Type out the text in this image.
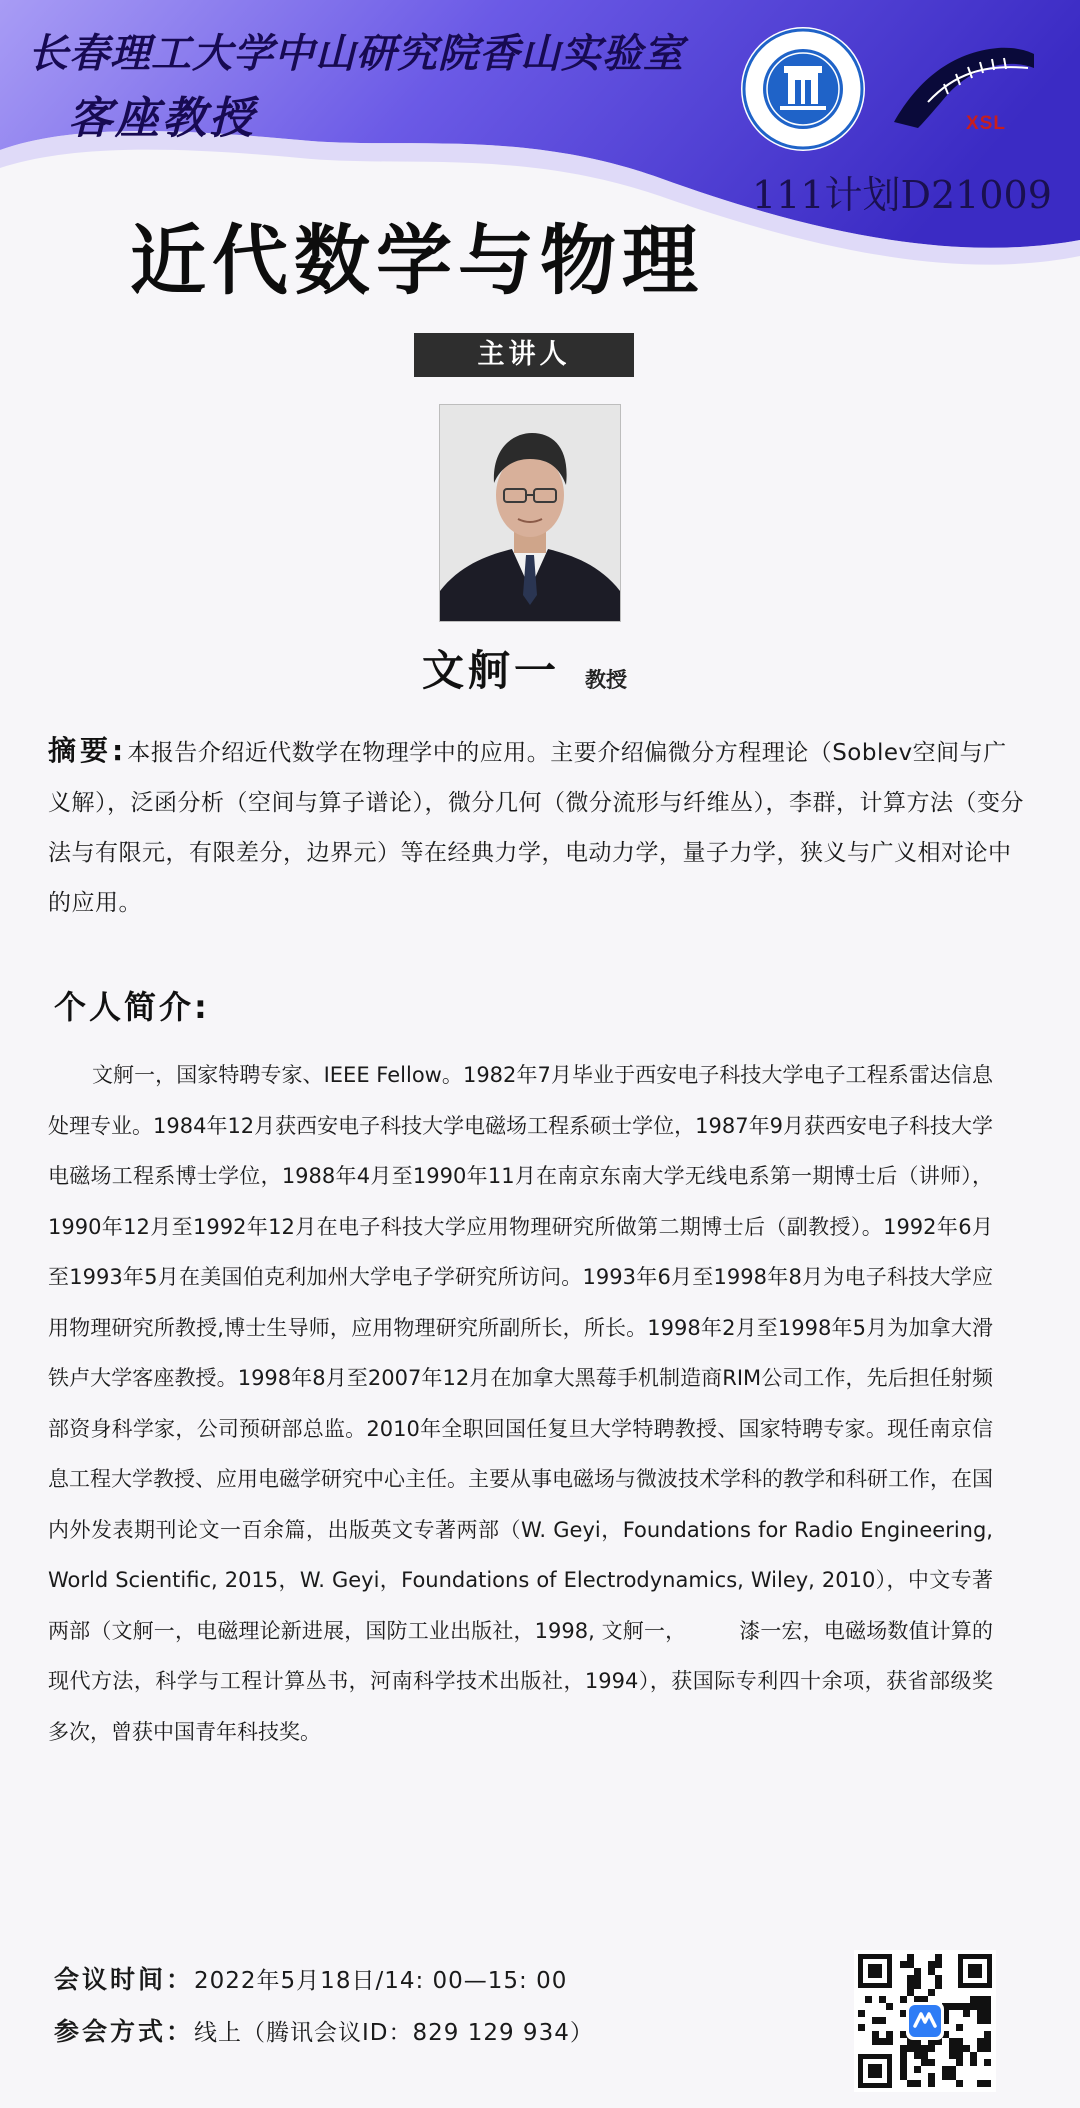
长春理工大学中山研究院香山实验室
客座教授	XSL
111计划D21009
近代数学与物理
主讲人
文舸一 教授

摘要:本报告介绍近代数学在物理学中的应用。主要介绍偏微分方程理论（Soblev空间与广义解），泛函分析（空间与算子谱论），微分几何（微分流形与纤维丛），李群，计算方法（变分法与有限元，有限差分，边界元）等在经典力学，电动力学，量子力学，狭义与广义相对论中的应用。

个人简介:

文舸一，国家特聘专家、IEEE Fellow。1982年7月毕业于西安电子科技大学电子工程系雷达信息处理专业。1984年12月获西安电子科技大学电磁场工程系硕士学位，1987年9月获西安电子科技大学电磁场工程系博士学位，1988年4月至1990年11月在南京东南大学无线电系第一期博士后（讲师），1990年12月至1992年12月在电子科技大学应用物理研究所做第二期博士后（副教授）。1992年6月至1993年5月在美国伯克利加州大学电子学研究所访问。1993年6月至1998年8月为电子科技大学应用物理研究所教授,博士生导师，应用物理研究所副所长，所长。1998年2月至1998年5月为加拿大滑铁卢大学客座教授。1998年8月至2007年12月在加拿大黑莓手机制造商RIM公司工作，先后担任射频部资身科学家，公司预研部总监。2010年全职回国任复旦大学特聘教授、国家特聘专家。现任南京信息工程大学教授、应用电磁学研究中心主任。主要从事电磁场与微波技术学科的教学和科研工作，在国内外发表期刊论文一百余篇，出版英文专著两部（W. Geyi，Foundations for Radio Engineering, World Scientific, 2015，W. Geyi，Foundations of Electrodynamics, Wiley, 2010），中文专著两部（文舸一，电磁理论新进展，国防工业出版社，1998, 文舸一，　　　漆一宏，电磁场数值计算的现代方法，科学与工程计算丛书，河南科学技术出版社，1994），获国际专利四十余项，获省部级奖多次，曾获中国青年科技奖。

会议时间：2022年5月18日/14: 00—15: 00

参会方式：线上（腾讯会议ID：829 129 934）
